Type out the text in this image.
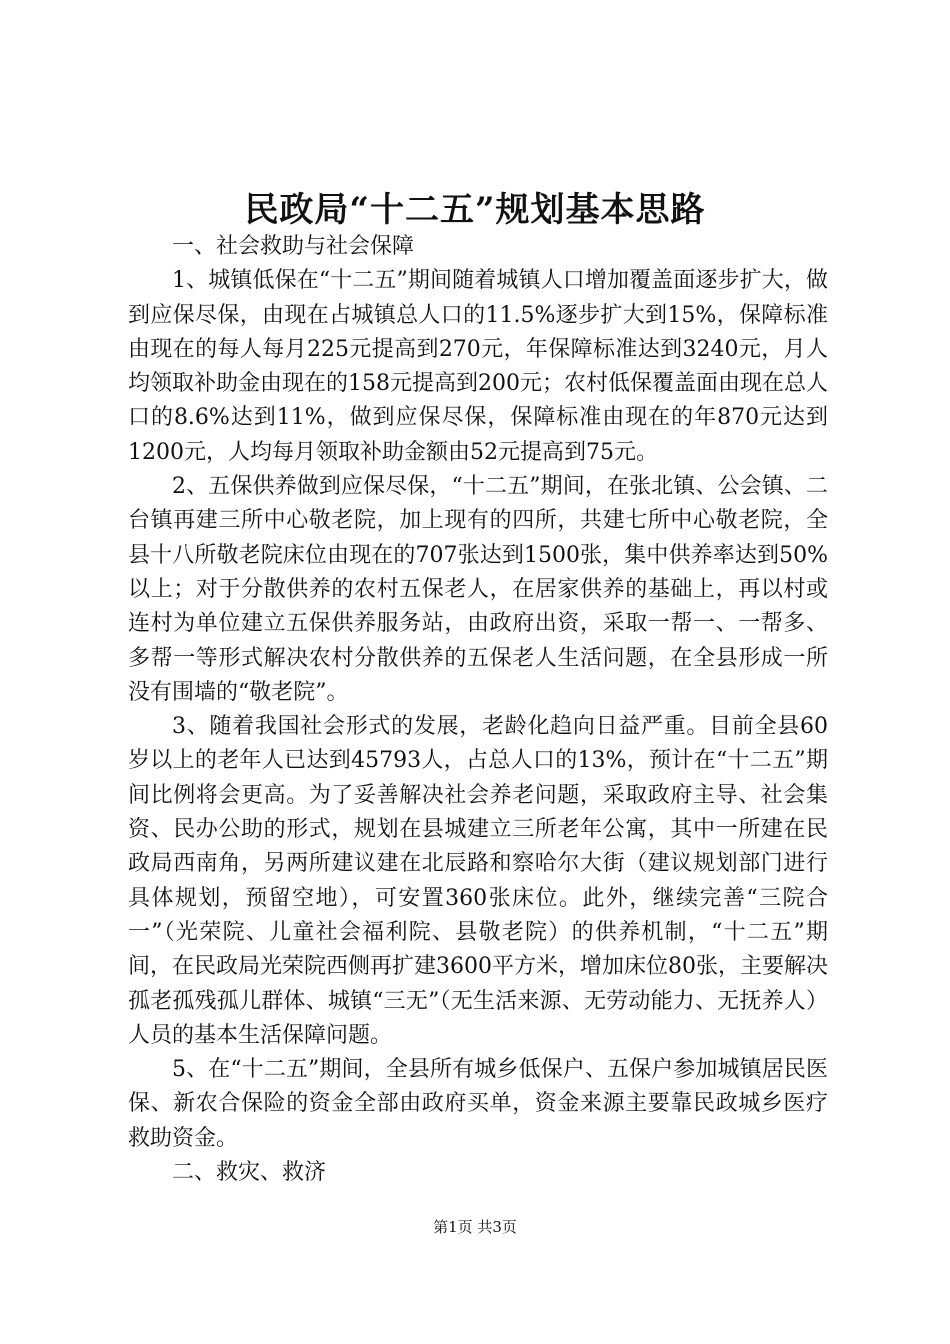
民政局“十二五”规划基本思路

一、社会救助与社会保障

1、城镇低保在“十二五”期间随着城镇人口增加覆盖面逐步扩大，做到应保尽保，由现在占城镇总人口的11.5%逐步扩大到15%，保障标准由现在的每人每月225元提高到270元，年保障标准达到3240元，月人均领取补助金由现在的158元提高到200元；农村低保覆盖面由现在总人口的8.6%达到11%，做到应保尽保，保障标准由现在的年870元达到1200元，人均每月领取补助金额由52元提高到75元。

2、五保供养做到应保尽保，“十二五”期间，在张北镇、公会镇、二台镇再建三所中心敬老院，加上现有的四所，共建七所中心敬老院，全县十八所敬老院床位由现在的707张达到1500张，集中供养率达到50%以上；对于分散供养的农村五保老人，在居家供养的基础上，再以村或连村为单位建立五保供养服务站，由政府出资，采取一帮一、一帮多、多帮一等形式解决农村分散供养的五保老人生活问题，在全县形成一所没有围墙的“敬老院”。

3、随着我国社会形式的发展，老龄化趋向日益严重。目前全县60岁以上的老年人已达到45793人，占总人口的13%，预计在“十二五”期间比例将会更高。为了妥善解决社会养老问题，采取政府主导、社会集资、民办公助的形式，规划在县城建立三所老年公寓，其中一所建在民政局西南角，另两所建议建在北辰路和察哈尔大街（建议规划部门进行具体规划，预留空地），可安置360张床位。此外，继续完善“三院合一”（光荣院、儿童社会福利院、县敬老院）的供养机制，“十二五”期间，在民政局光荣院西侧再扩建3600平方米，增加床位80张，主要解决孤老孤残孤儿群体、城镇“三无”（无生活来源、无劳动能力、无抚养人）人员的基本生活保障问题。

5、在“十二五”期间，全县所有城乡低保户、五保户参加城镇居民医保、新农合保险的资金全部由政府买单，资金来源主要靠民政城乡医疗救助资金。

二、救灾、救济

第1页 共3页
